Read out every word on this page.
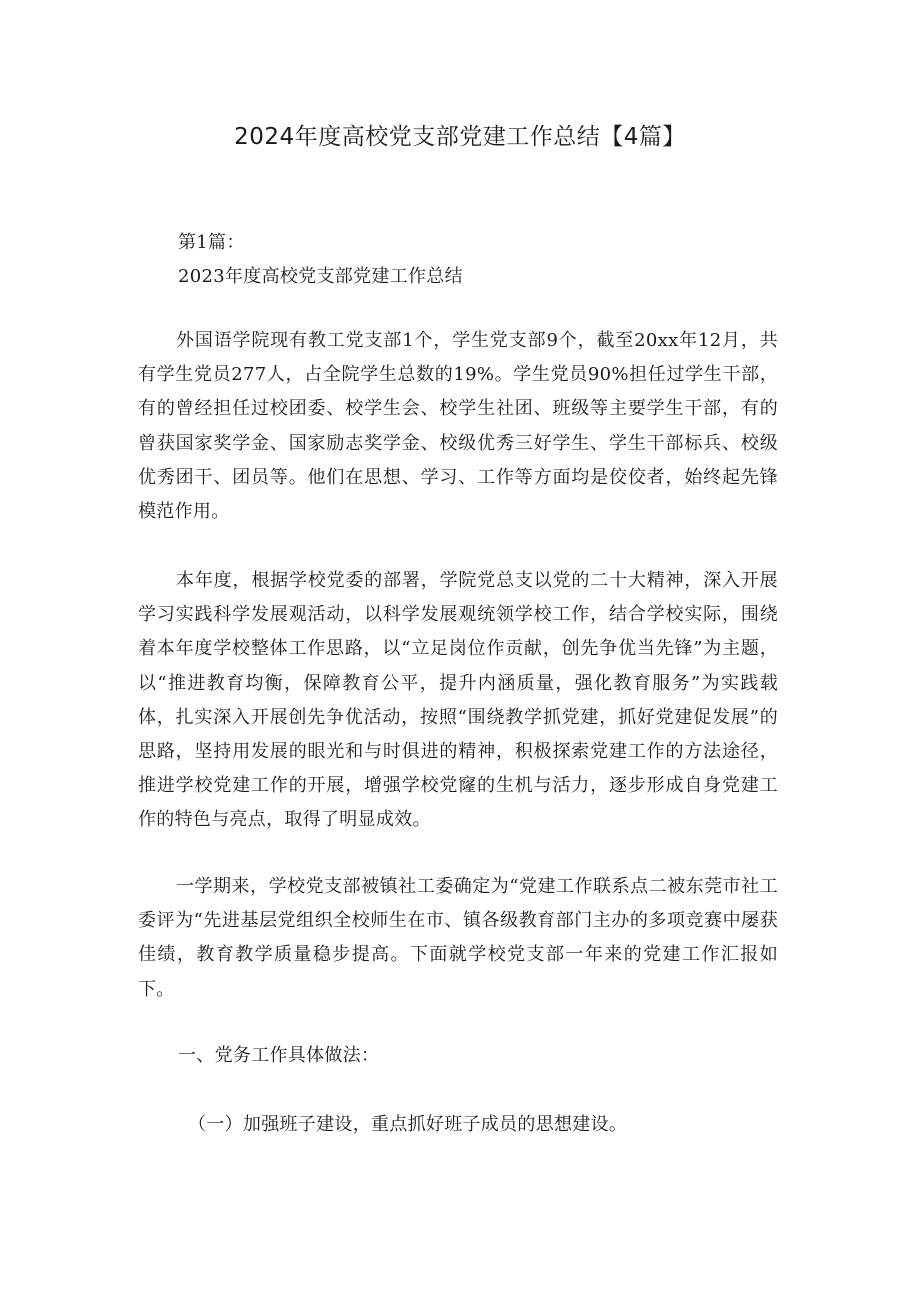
2024年度高校党支部党建工作总结【4篇】

第1篇：

2023年度高校党支部党建工作总结

外国语学院现有教工党支部1个，学生党支部9个，截至20xx年12月，共有学生党员277人，占全院学生总数的19%。学生党员90%担任过学生干部，有的曾经担任过校团委、校学生会、校学生社团、班级等主要学生干部，有的曾获国家奖学金、国家励志奖学金、校级优秀三好学生、学生干部标兵、校级优秀团干、团员等。他们在思想、学习、工作等方面均是佼佼者，始终起先锋模范作用。

本年度，根据学校党委的部署，学院党总支以党的二十大精神，深入开展学习实践科学发展观活动，以科学发展观统领学校工作，结合学校实际，围绕着本年度学校整体工作思路，以“立足岗位作贡献，创先争优当先锋”为主题，以“推进教育均衡，保障教育公平，提升内涵质量，强化教育服务”为实践载体，扎实深入开展创先争优活动，按照“围绕教学抓党建，抓好党建促发展”的思路，坚持用发展的眼光和与时俱进的精神，积极探索党建工作的方法途径，推进学校党建工作的开展，增强学校党窿的生机与活力，逐步形成自身党建工作的特色与亮点，取得了明显成效。

一学期来，学校党支部被镇社工委确定为“党建工作联系点二被东莞市社工委评为“先进基层党组织全校师生在市、镇各级教育部门主办的多项竞赛中屡获佳绩，教育教学质量稳步提高。下面就学校党支部一年来的党建工作汇报如下。

一、党务工作具体做法：

（一）加强班子建设，重点抓好班子成员的思想建设。
